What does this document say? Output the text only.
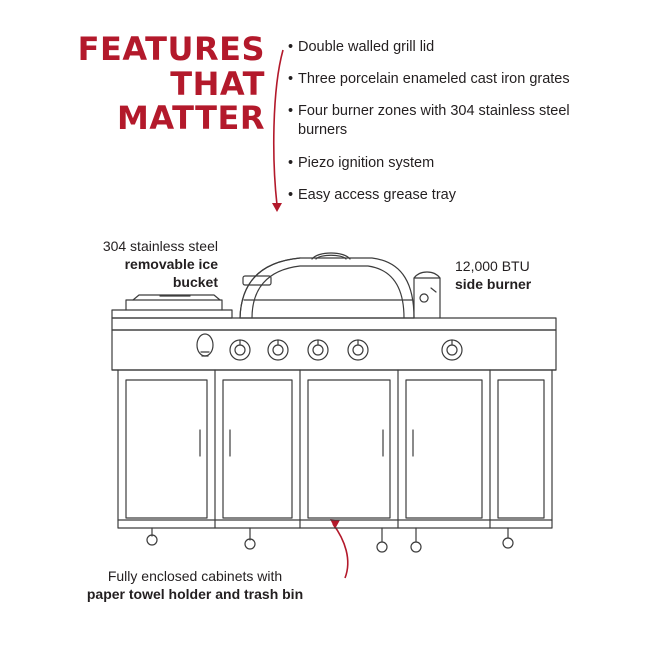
FEATURES
THAT
MATTER
• Double walled grill lid
• Three porcelain enameled cast iron grates
• Four burner zones with 304 stainless steel burners
• Piezo ignition system
• Easy access grease tray
304 stainless steel
removable ice
bucket
12,000 BTU
side burner
Fully enclosed cabinets with
paper towel holder and trash bin
